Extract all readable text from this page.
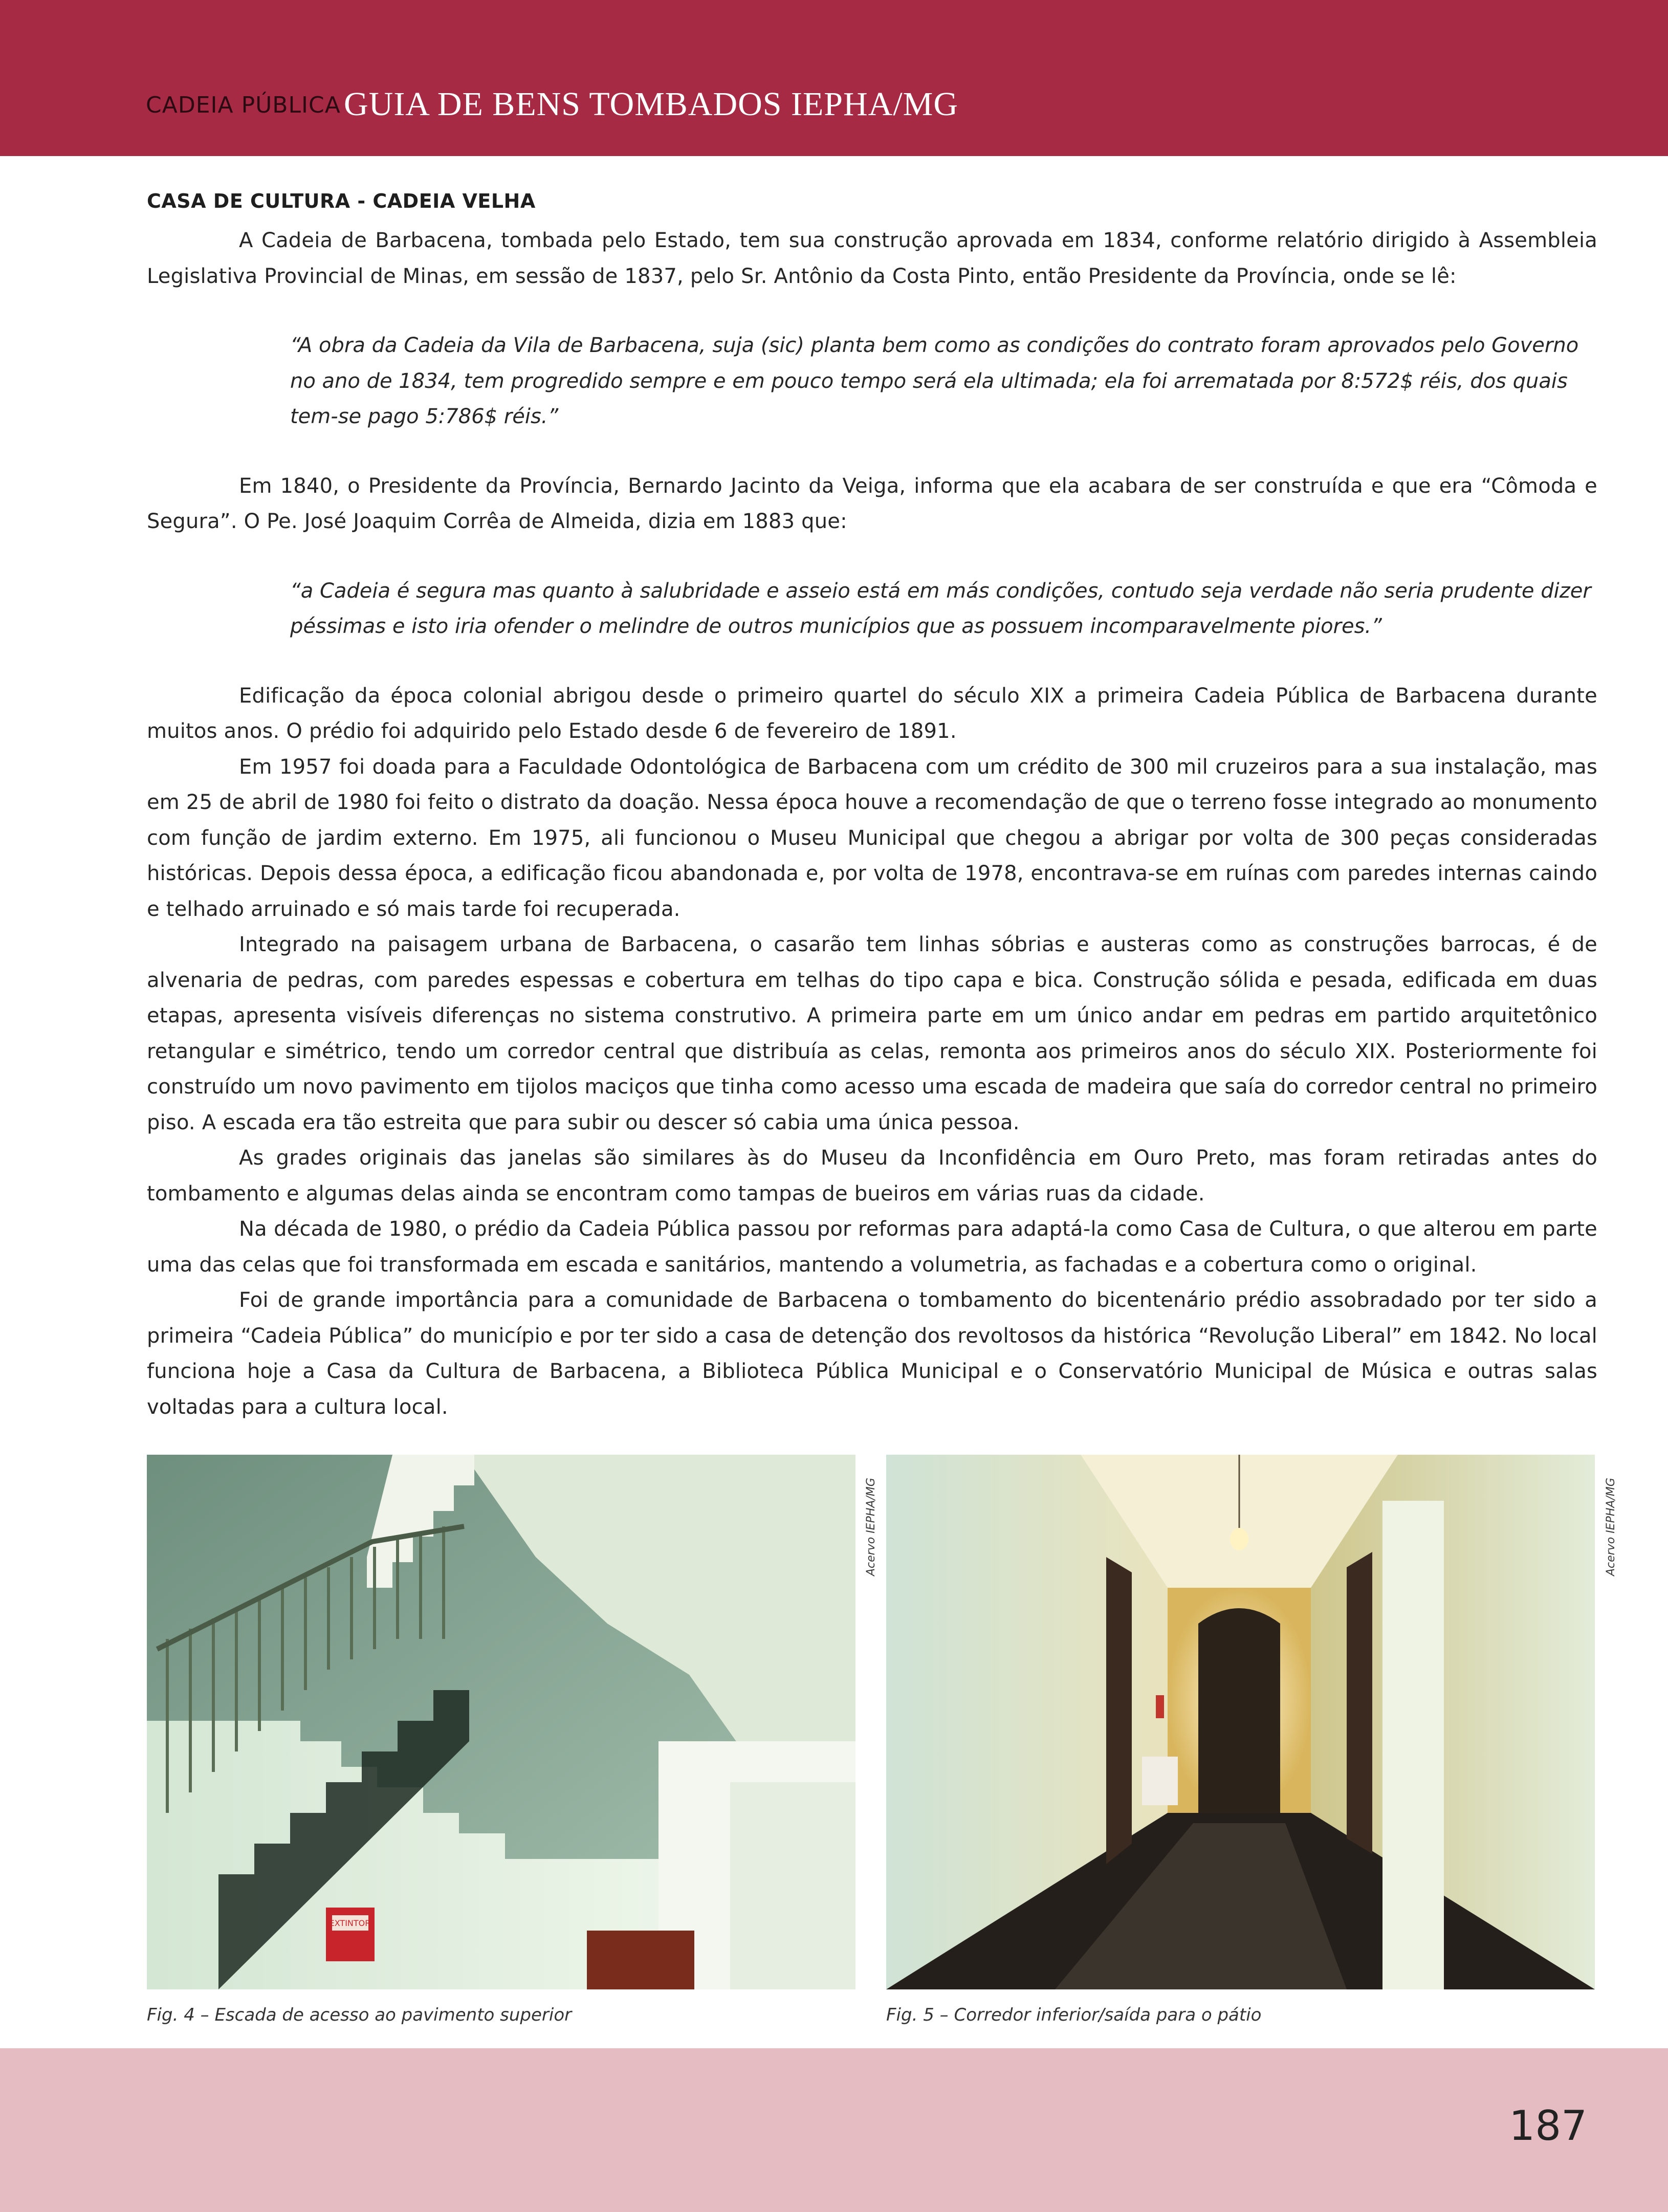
CADEIA PÚBLICA GUIA DE BENS TOMBADOS IEPHA/MG
CASA DE CULTURA - CADEIA VELHA

A Cadeia de Barbacena, tombada pelo Estado, tem sua construção aprovada em 1834, conforme relatório dirigido à Assembleia Legislativa Provincial de Minas, em sessão de 1837, pelo Sr. Antônio da Costa Pinto, então Presidente da Província, onde se lê:

“A obra da Cadeia da Vila de Barbacena, suja (sic) planta bem como as condições do contrato foram aprovados pelo Governo no ano de 1834, tem progredido sempre e em pouco tempo será ela ultimada; ela foi arrematada por 8:572$ réis, dos quais tem-se pago 5:786$ réis.”

Em 1840, o Presidente da Província, Bernardo Jacinto da Veiga, informa que ela acabara de ser construída e que era “Cômoda e Segura”. O Pe. José Joaquim Corrêa de Almeida, dizia em 1883 que:

“a Cadeia é segura mas quanto à salubridade e asseio está em más condições, contudo seja verdade não seria prudente dizer péssimas e isto iria ofender o melindre de outros municípios que as possuem incomparavelmente piores.”

Edificação da época colonial abrigou desde o primeiro quartel do século XIX a primeira Cadeia Pública de Barbacena durante muitos anos. O prédio foi adquirido pelo Estado desde 6 de fevereiro de 1891.

Em 1957 foi doada para a Faculdade Odontológica de Barbacena com um crédito de 300 mil cruzeiros para a sua instalação, mas em 25 de abril de 1980 foi feito o distrato da doação. Nessa época houve a recomendação de que o terreno fosse integrado ao monumento com função de jardim externo. Em 1975, ali funcionou o Museu Municipal que chegou a abrigar por volta de 300 peças consideradas históricas. Depois dessa época, a edificação ficou abandonada e, por volta de 1978, encontrava-se em ruínas com paredes internas caindo e telhado arruinado e só mais tarde foi recuperada.

Integrado na paisagem urbana de Barbacena, o casarão tem linhas sóbrias e austeras como as construções barrocas, é de alvenaria de pedras, com paredes espessas e cobertura em telhas do tipo capa e bica. Construção sólida e pesada, edificada em duas etapas, apresenta visíveis diferenças no sistema construtivo. A primeira parte em um único andar em pedras em partido arquitetônico retangular e simétrico, tendo um corredor central que distribuía as celas, remonta aos primeiros anos do século XIX. Posteriormente foi construído um novo pavimento em tijolos maciços que tinha como acesso uma escada de madeira que saía do corredor central no primeiro piso. A escada era tão estreita que para subir ou descer só cabia uma única pessoa.

As grades originais das janelas são similares às do Museu da Inconfidência em Ouro Preto, mas foram retiradas antes do tombamento e algumas delas ainda se encontram como tampas de bueiros em várias ruas da cidade.

Na década de 1980, o prédio da Cadeia Pública passou por reformas para adaptá-la como Casa de Cultura, o que alterou em parte uma das celas que foi transformada em escada e sanitários, mantendo a volumetria, as fachadas e a cobertura como o original.

Foi de grande importância para a comunidade de Barbacena o tombamento do bicentenário prédio assobradado por ter sido a primeira “Cadeia Pública” do município e por ter sido a casa de detenção dos revoltosos da histórica “Revolução Liberal” em 1842. No local funciona hoje a Casa da Cultura de Barbacena, a Biblioteca Pública Municipal e o Conservatório Municipal de Música e outras salas voltadas para a cultura local.

EXTINTOR
Acervo IEPHA/MG
Fig. 4 – Escada de acesso ao pavimento superior
Acervo IEPHA/MG
Fig. 5 – Corredor inferior/saída para o pátio
187
